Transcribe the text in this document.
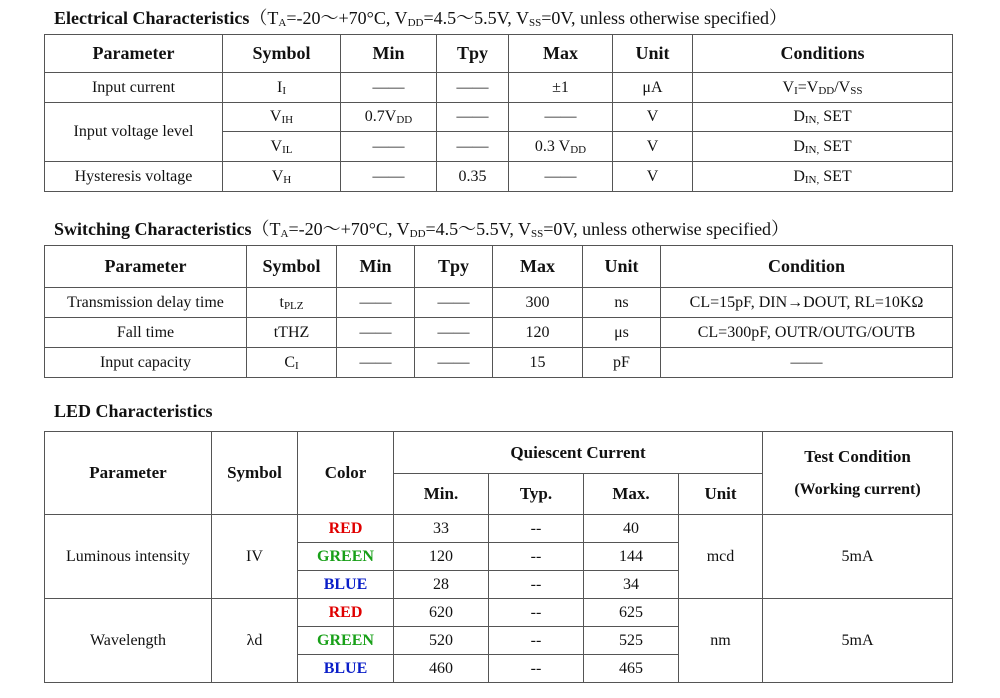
Electrical $Characteristics(T_A=-20\sim+70^\circ C$, $V_{DD}=4.5\sim 5.5V$, $V_{SS}=0V$, unless otherwise specified）
Parameter	Symbol	Min	Tpy	Max	Unit	Conditions
Input current	$I_I$	——	——	±1	μA	$V_I=V_{DD}/V_{SS}$
Input voltage level	$V_{IH}$	$0.7V_{DD}$	——	——	V	$D_{IN,}$ SET
	$V_{IL}$	——	——	0.3 $V_{DD}$	V	$D_{IN,}$ SET
Hysteresis voltage	$V_H$	——	0.35	——	V	$D_{IN,}$ SET
Switching $Characteristics(T_A=-20\sim+70^\circ C$, $V_{DD}=4.5\sim 5.5V$, $V_{SS}=0V$, unless otherwise specified）
Parameter	Symbol	Min	Tpy	Max	Unit	Condition
Transmission delay time	$t_{PLZ}$	——	——	300	ns	CL=15pF, DIN→DOUT, RL=10KΩ
Fall time	tTHZ	——	——	120	μs	CL=300pF, OUTR/OUTG/OUTB
Input capacity	$C_I$	——	——	15	pF	——
LED Characteristics
Parameter	Symbol	Color	Quiescent Current				Test Condition
(Working current)

			Min.	Typ.	Max.	Unit	
Luminous intensity	IV	RED	33	--	40	mcd	5mA
		GREEN	120	--	144		
		BLUE	28	--	34		
Wavelength	λd	RED	620	--	625	nm	5mA
		GREEN	520	--	525		
		BLUE	460	--	465		
